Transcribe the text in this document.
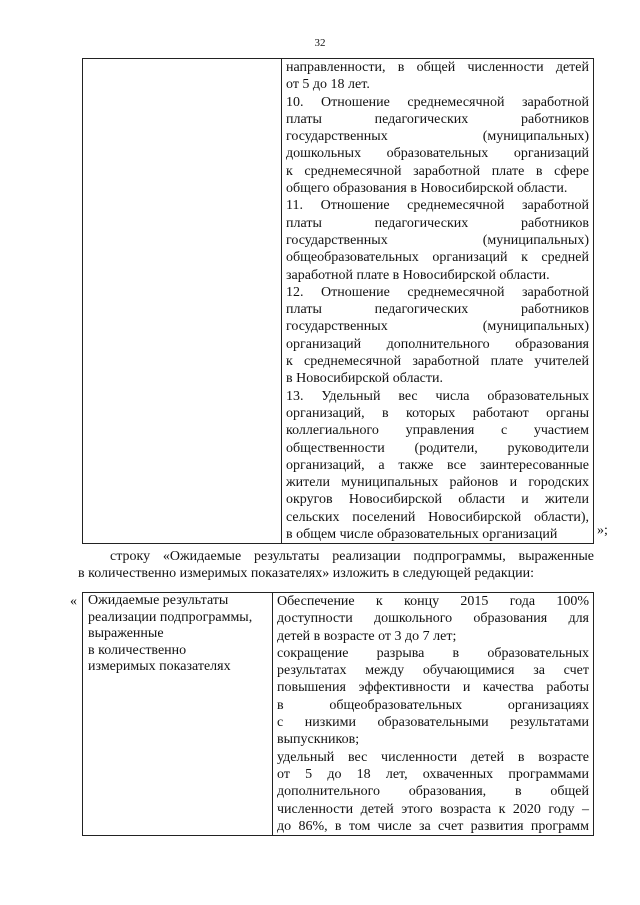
32

направленности, в общей численности детей
от 5 до 18 лет.
10. Отношение среднемесячной заработной
платы педагогических работников
государственных (муниципальных)
дошкольных образовательных организаций
к среднемесячной заработной плате в сфере
общего образования в Новосибирской области.
11. Отношение среднемесячной заработной
платы педагогических работников
государственных (муниципальных)
общеобразовательных организаций к средней
заработной плате в Новосибирской области.
12. Отношение среднемесячной заработной
платы педагогических работников
государственных (муниципальных)
организаций дополнительного образования
к среднемесячной заработной плате учителей
в Новосибирской области.
13. Удельный вес числа образовательных
организаций, в которых работают органы
коллегиального управления с участием
общественности (родители, руководители
организаций, а также все заинтересованные
жители муниципальных районов и городских
округов Новосибирской области и жители
сельских поселений Новосибирской области),
в общем числе образовательных организаций	»;
строку «Ожидаемые результаты реализации подпрограммы, выраженные
в количественно измеримых показателях» изложить в следующей редакции:
« Ожидаемые результаты
реализации подпрограммы,
выраженные
в количественно
измеримых показателях

Обеспечение к концу 2015 года 100%
доступности дошкольного образования для
детей в возрасте от 3 до 7 лет;
сокращение разрыва в образовательных
результатах между обучающимися за счет
повышения эффективности и качества работы
в общеобразовательных организациях
с низкими образовательными результатами
выпускников;
удельный вес численности детей в возрасте
от 5 до 18 лет, охваченных программами
дополнительного образования, в общей
численности детей этого возраста к 2020 году –
до 86%, в том числе за счет развития программ
